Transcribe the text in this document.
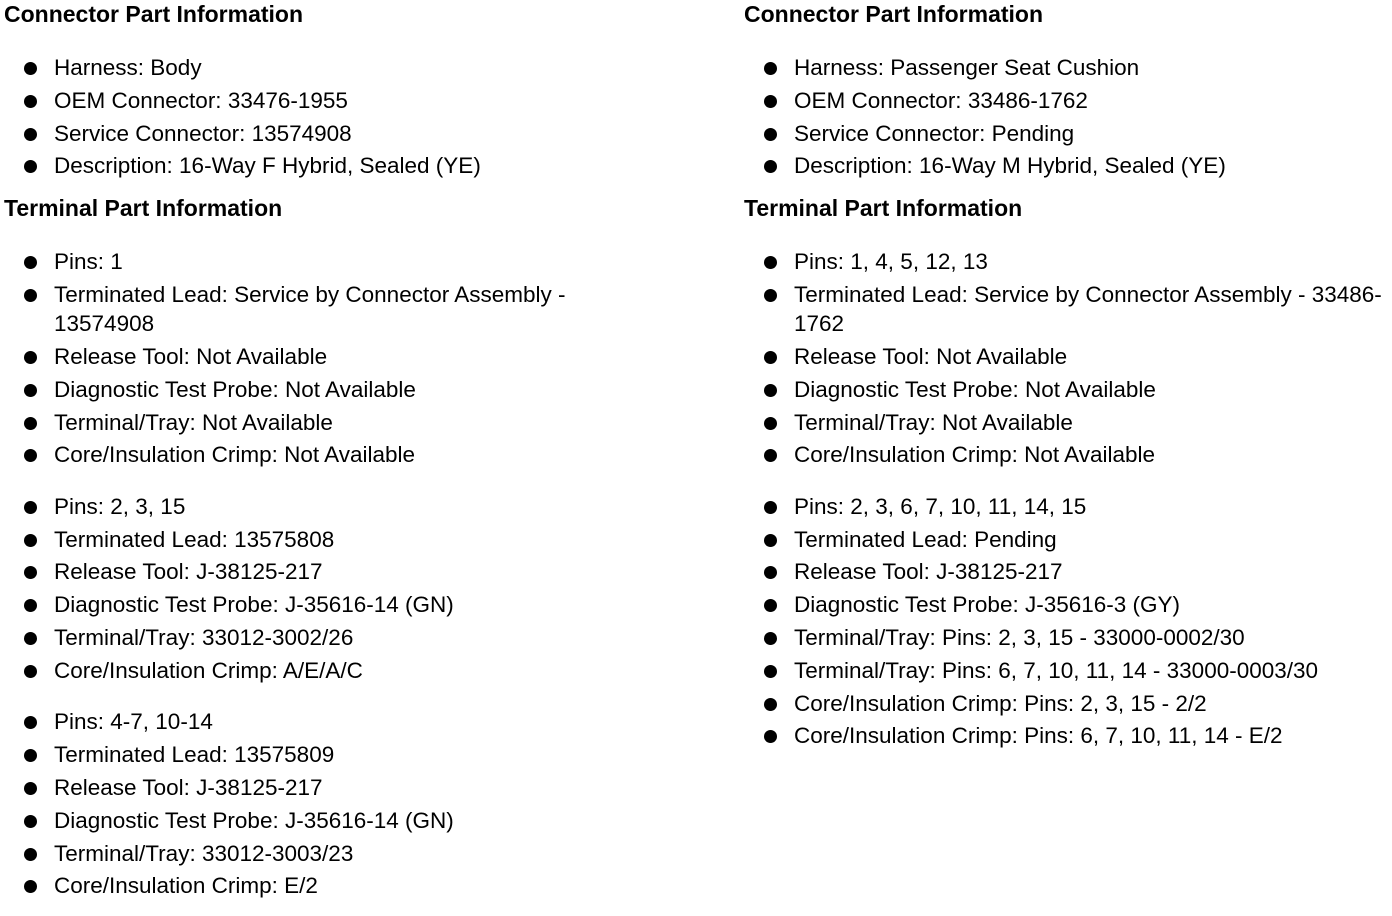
Connector Part Information
Harness: Body
OEM Connector: 33476-1955
Service Connector: 13574908
Description: 16-Way F Hybrid, Sealed (YE)
Terminal Part Information
Pins: 1
Terminated Lead: Service by Connector Assembly - 13574908
Release Tool: Not Available
Diagnostic Test Probe: Not Available
Terminal/Tray: Not Available
Core/Insulation Crimp: Not Available
Pins: 2, 3, 15
Terminated Lead: 13575808
Release Tool: J-38125-217
Diagnostic Test Probe: J-35616-14 (GN)
Terminal/Tray: 33012-3002/26
Core/Insulation Crimp: A/E/A/C
Pins: 4-7, 10-14
Terminated Lead: 13575809
Release Tool: J-38125-217
Diagnostic Test Probe: J-35616-14 (GN)
Terminal/Tray: 33012-3003/23
Core/Insulation Crimp: E/2
Connector Part Information
Harness: Passenger Seat Cushion
OEM Connector: 33486-1762
Service Connector: Pending
Description: 16-Way M Hybrid, Sealed (YE)
Terminal Part Information
Pins: 1, 4, 5, 12, 13
Terminated Lead: Service by Connector Assembly - 33486-1762
Release Tool: Not Available
Diagnostic Test Probe: Not Available
Terminal/Tray: Not Available
Core/Insulation Crimp: Not Available
Pins: 2, 3, 6, 7, 10, 11, 14, 15
Terminated Lead: Pending
Release Tool: J-38125-217
Diagnostic Test Probe: J-35616-3 (GY)
Terminal/Tray: Pins: 2, 3, 15 - 33000-0002/30
Terminal/Tray: Pins: 6, 7, 10, 11, 14 - 33000-0003/30
Core/Insulation Crimp: Pins: 2, 3, 15 - 2/2
Core/Insulation Crimp: Pins: 6, 7, 10, 11, 14 - E/2
